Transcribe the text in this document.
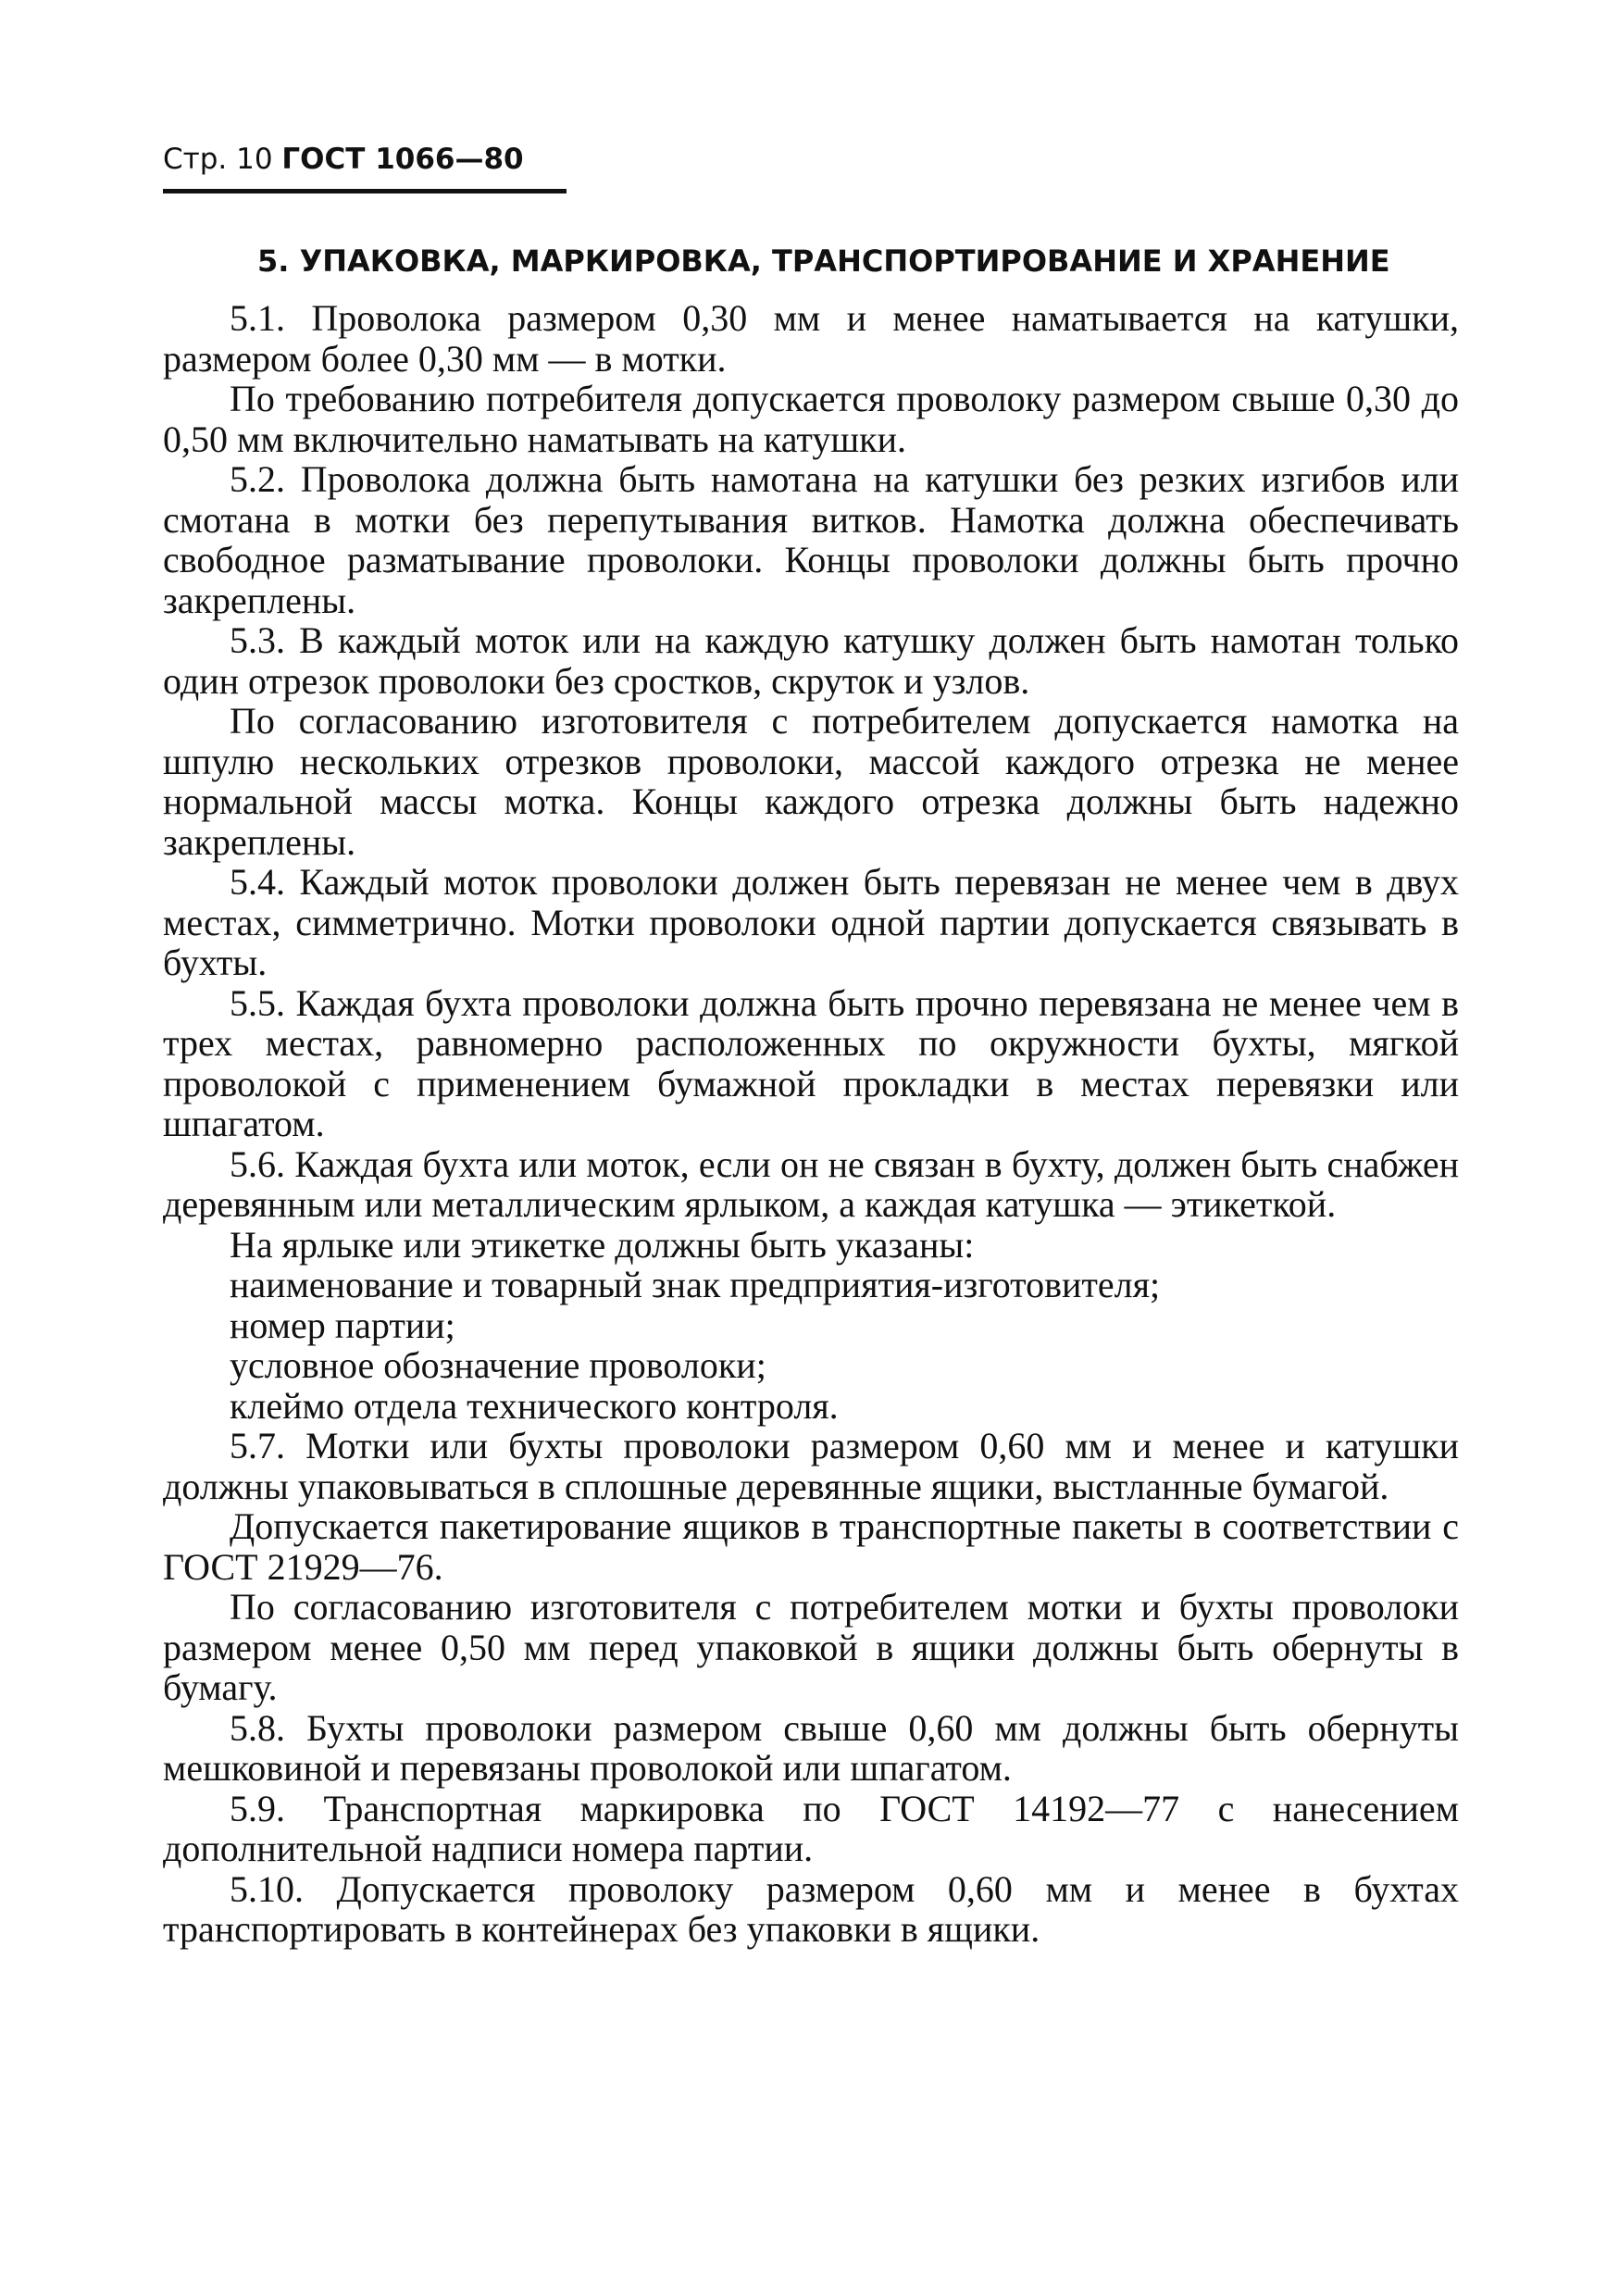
Стр. 10 ГОСТ 1066—80
5. УПАКОВКА, МАРКИРОВКА, ТРАНСПОРТИРОВАНИЕ И ХРАНЕНИЕ

5.1. Проволока размером 0,30 мм и менее наматывается на катушки, размером более 0,30 мм — в мотки.

По требованию потребителя допускается проволоку размером свыше 0,30 до 0,50 мм включительно наматывать на катушки.

5.2. Проволока должна быть намотана на катушки без резких изгибов или смотана в мотки без перепутывания витков. Намотка должна обеспечивать свободное разматывание проволоки. Концы проволоки должны быть прочно закреплены.

5.3. В каждый моток или на каждую катушку должен быть намотан только один отрезок проволоки без сростков, скруток и узлов.

По согласованию изготовителя с потребителем допускается намотка на шпулю нескольких отрезков проволоки, массой каждого отрезка не менее нормальной массы мотка. Концы каждого отрезка должны быть надежно закреплены.

5.4. Каждый моток проволоки должен быть перевязан не менее чем в двух местах, симметрично. Мотки проволоки одной партии допускается связывать в бухты.

5.5. Каждая бухта проволоки должна быть прочно перевязана не менее чем в трех местах, равномерно расположенных по окружности бухты, мягкой проволокой с применением бумажной прокладки в местах перевязки или шпагатом.

5.6. Каждая бухта или моток, если он не связан в бухту, должен быть снабжен деревянным или металлическим ярлыком, а каждая катушка — этикеткой.

На ярлыке или этикетке должны быть указаны:

наименование и товарный знак предприятия-изготовителя;

номер партии;

условное обозначение проволоки;

клеймо отдела технического контроля.

5.7. Мотки или бухты проволоки размером 0,60 мм и менее и катушки должны упаковываться в сплошные деревянные ящики, выстланные бумагой.

Допускается пакетирование ящиков в транспортные пакеты в соответствии с ГОСТ 21929—76.

По согласованию изготовителя с потребителем мотки и бухты проволоки размером менее 0,50 мм перед упаковкой в ящики должны быть обернуты в бумагу.

5.8. Бухты проволоки размером свыше 0,60 мм должны быть обернуты мешковиной и перевязаны проволокой или шпагатом.

5.9. Транспортная маркировка по ГОСТ 14192—77 с нанесением дополнительной надписи номера партии.

5.10. Допускается проволоку размером 0,60 мм и менее в бухтах транспортировать в контейнерах без упаковки в ящики.
